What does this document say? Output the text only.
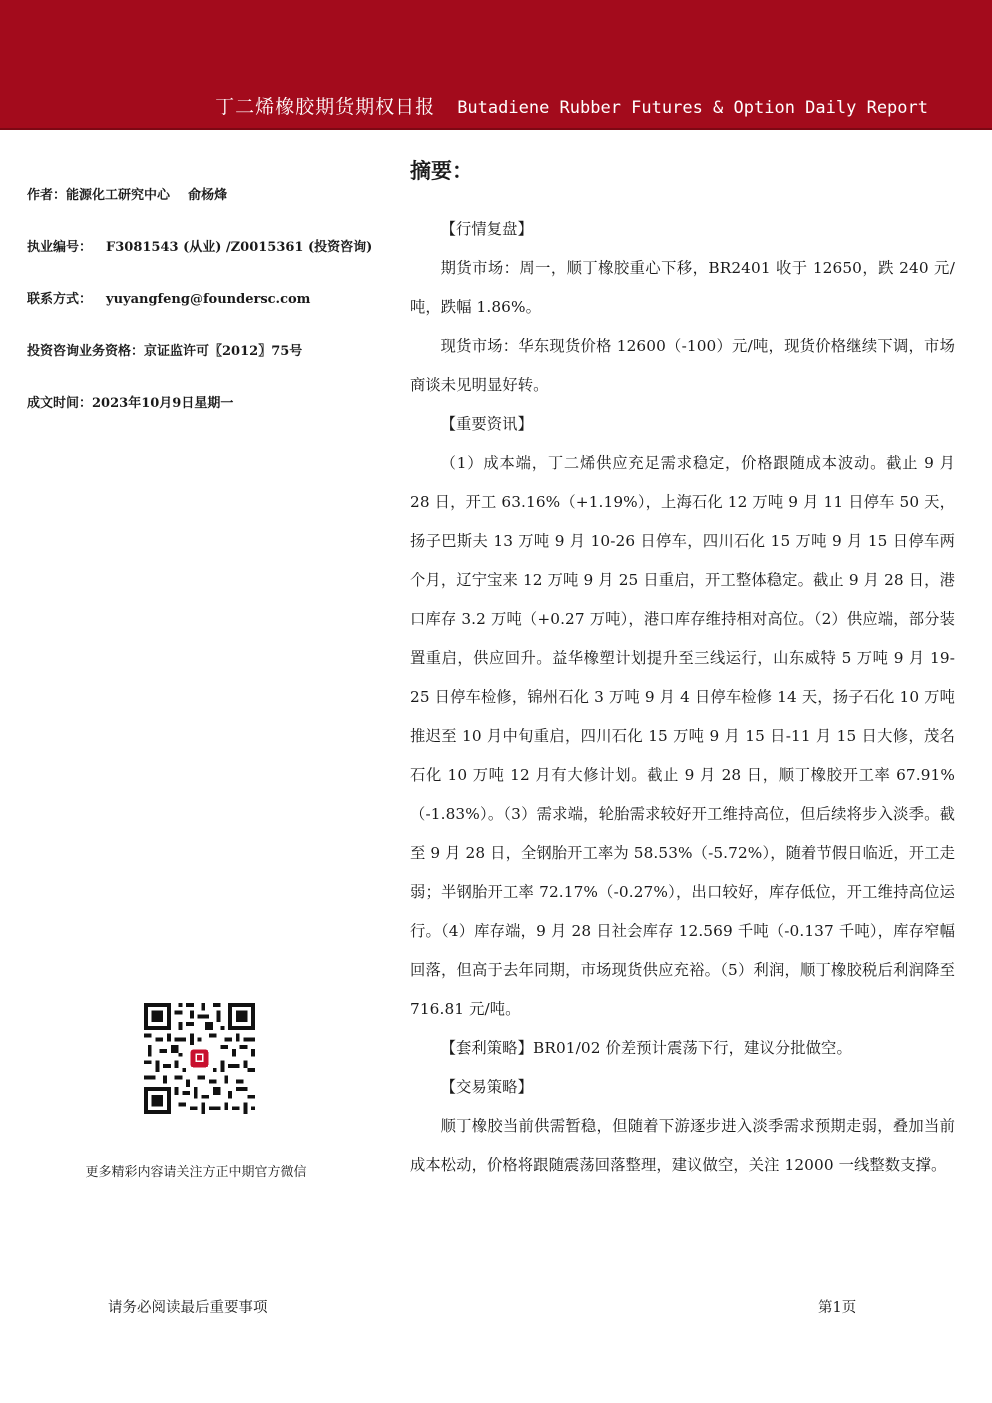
丁二烯橡胶期货期权日报 Butadiene Rubber Futures & Option Daily Report
作者：能源化工研究中心    俞杨烽
执业编号： F3081543 (从业) /Z0015361 (投资咨询)
联系方式： yuyangfeng@foundersc.com
投资咨询业务资格：京证监许可〖2012〗75号
成文时间：2023年10月9日星期一
更多精彩内容请关注方正中期官方微信
摘要：

【行情复盘】

期货市场：周一，顺丁橡胶重心下移，BR2401 收于 12650，跌 240 元/吨，跌幅 1.86%。

现货市场：华东现货价格 12600（-100）元/吨，现货价格继续下调，市场商谈未见明显好转。

【重要资讯】

（1）成本端，丁二烯供应充足需求稳定，价格跟随成本波动。截止 9 月 28 日，开工 63.16%（+1.19%），上海石化 12 万吨 9 月 11 日停车 50 天，扬子巴斯夫 13 万吨 9 月 10-26 日停车，四川石化 15 万吨 9 月 15 日停车两个月，辽宁宝来 12 万吨 9 月 25 日重启，开工整体稳定。截止 9 月 28 日，港口库存 3.2 万吨（+0.27 万吨），港口库存维持相对高位。（2）供应端，部分装置重启，供应回升。益华橡塑计划提升至三线运行，山东威特 5 万吨 9 月 19-25 日停车检修，锦州石化 3 万吨 9 月 4 日停车检修 14 天，扬子石化 10 万吨推迟至 10 月中旬重启，四川石化 15 万吨 9 月 15 日-11 月 15 日大修，茂名石化 10 万吨 12 月有大修计划。截止 9 月 28 日，顺丁橡胶开工率 67.91%（-1.83%）。（3）需求端，轮胎需求较好开工维持高位，但后续将步入淡季。截至 9 月 28 日，全钢胎开工率为 58.53%（-5.72%），随着节假日临近，开工走弱；半钢胎开工率 72.17%（-0.27%），出口较好，库存低位，开工维持高位运行。（4）库存端，9 月 28 日社会库存 12.569 千吨（-0.137 千吨），库存窄幅回落，但高于去年同期，市场现货供应充裕。（5）利润，顺丁橡胶税后利润降至 716.81 元/吨。

【套利策略】BR01/02 价差预计震荡下行，建议分批做空。

【交易策略】

顺丁橡胶当前供需暂稳，但随着下游逐步进入淡季需求预期走弱，叠加当前成本松动，价格将跟随震荡回落整理，建议做空，关注 12000 一线整数支撑。

请务必阅读最后重要事项	第1页
